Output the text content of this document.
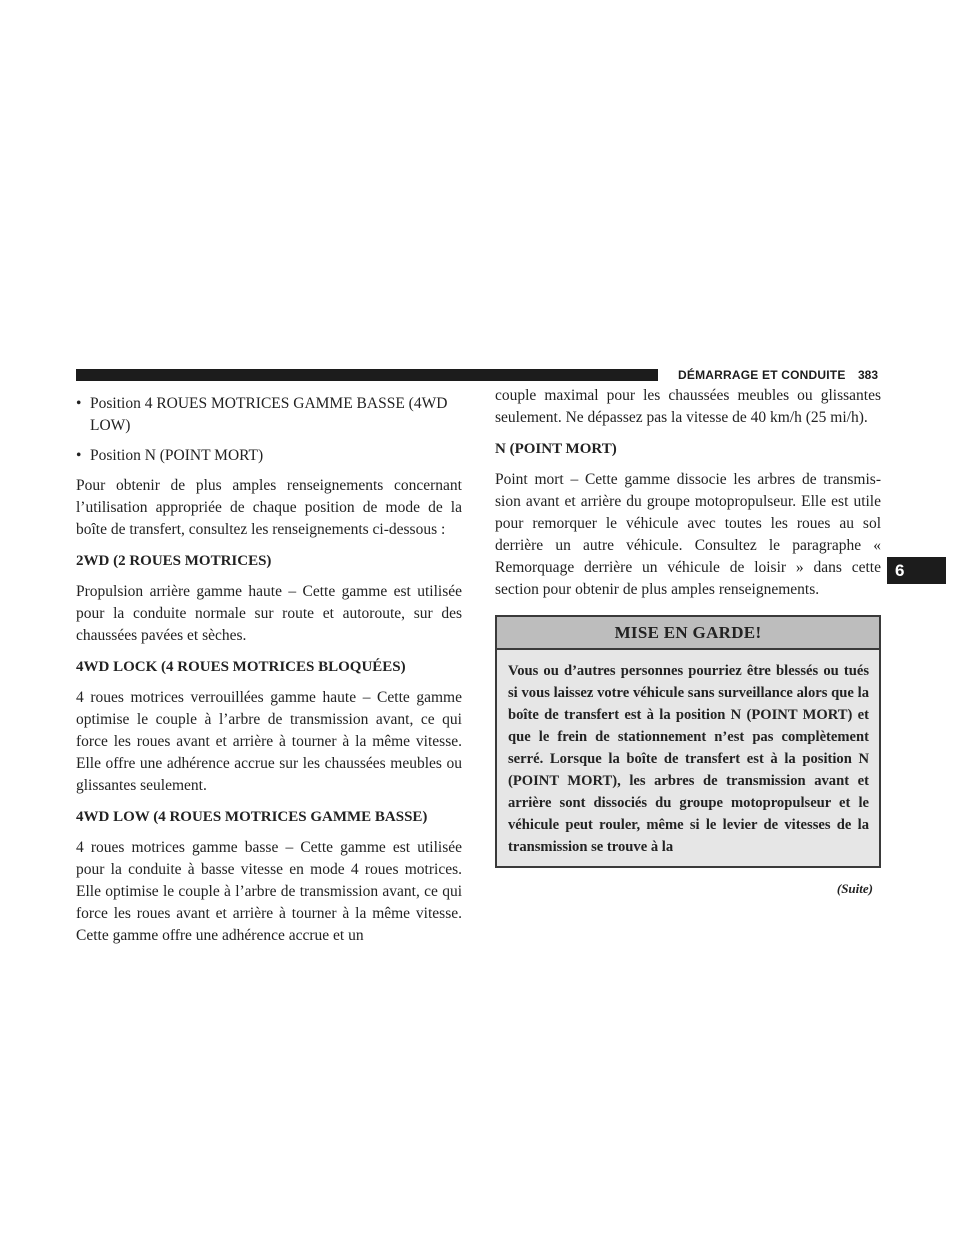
DÉMARRAGE ET CONDUITE 383
6
• Position 4 ROUES MOTRICES GAMME BASSE (4WD LOW)
• Position N (POINT MORT)

Pour obtenir de plus amples renseignements concernant l’utilisation appropriée de chaque position de mode de la boîte de transfert, consultez les renseignements ci-dessous :

2WD (2 ROUES MOTRICES)

Propulsion arrière gamme haute – Cette gamme est utilisée pour la conduite normale sur route et autoroute, sur des chaussées pavées et sèches.

4WD LOCK (4 ROUES MOTRICES BLOQUÉES)

4 roues motrices verrouillées gamme haute – Cette gamme optimise le couple à l’arbre de transmission avant, ce qui force les roues avant et arrière à tourner à la même vitesse. Elle offre une adhérence accrue sur les chaussées meubles ou glissantes seulement.

4WD LOW (4 ROUES MOTRICES GAMME BASSE)

4 roues motrices gamme basse – Cette gamme est utilisée pour la conduite à basse vitesse en mode 4 roues motrices. Elle optimise le couple à l’arbre de transmission avant, ce qui force les roues avant et arrière à tourner à la même vitesse. Cette gamme offre une adhérence accrue et un

couple maximal pour les chaussées meubles ou glissantes seulement. Ne dépassez pas la vitesse de 40 km/h (25 mi/h).

N (POINT MORT)

Point mort – Cette gamme dissocie les arbres de transmis-sion avant et arrière du groupe motopropulseur. Elle est utile pour remorquer le véhicule avec toutes les roues au sol derrière un autre véhicule. Consultez le paragraphe « Remorquage derrière un véhicule de loisir » dans cette section pour obtenir de plus amples renseignements.

MISE EN GARDE!
Vous ou d’autres personnes pourriez être blessés ou tués si vous laissez votre véhicule sans surveillance alors que la boîte de transfert est à la position N (POINT MORT) et que le frein de stationnement n’est pas complètement serré. Lorsque la boîte de transfert est à la position N (POINT MORT), les arbres de transmission avant et arrière sont dissociés du groupe motopropulseur et le véhicule peut rouler, même si le levier de vitesses de la transmission se trouve à la
(Suite)
